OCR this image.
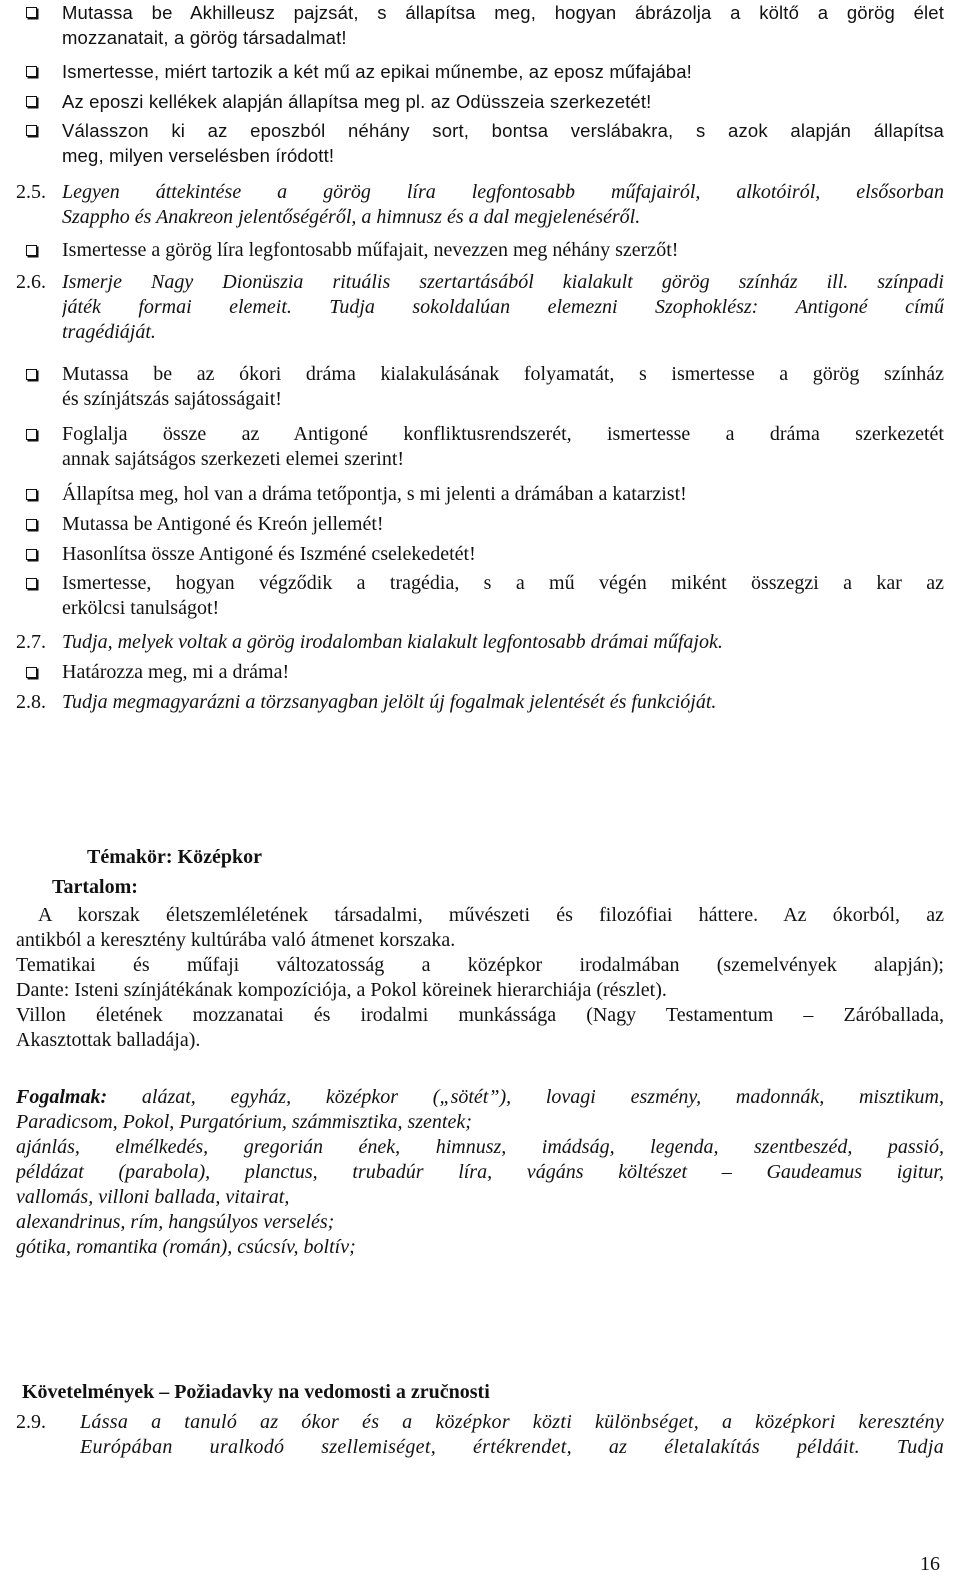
Mutassa be Akhilleusz pajzsát, s állapítsa meg, hogyan ábrázolja a költő a görög élet
mozzanatait, a görög társadalmat!
Ismertesse, miért tartozik a két mű az epikai műnembe, az eposz műfajába!
Az eposzi kellékek alapján állapítsa meg pl. az Odüsszeia szerkezetét!
Válasszon ki az eposzból néhány sort, bontsa verslábakra, s azok alapján állapítsa
meg, milyen verselésben íródott!
2.5. Legyen áttekintése a görög líra legfontosabb műfajairól, alkotóiról, elsősorban
Szappho és Anakreon jelentőségéről, a himnusz és a dal megjelenéséről.
Ismertesse a görög líra legfontosabb műfajait, nevezzen meg néhány szerzőt!
2.6. Ismerje Nagy Dionüszia rituális szertartásából kialakult görög színház ill. színpadi
játék formai elemeit. Tudja sokoldalúan elemezni Szophoklész: Antigoné című
tragédiáját.
Mutassa be az ókori dráma kialakulásának folyamatát, s ismertesse a görög színház
és színjátszás sajátosságait!
Foglalja össze az Antigoné konfliktusrendszerét, ismertesse a dráma szerkezetét
annak sajátságos szerkezeti elemei szerint!
Állapítsa meg, hol van a dráma tetőpontja, s mi jelenti a drámában a katarzist!
Mutassa be Antigoné és Kreón jellemét!
Hasonlítsa össze Antigoné és Iszméné cselekedetét!
Ismertesse, hogyan végződik a tragédia, s a mű végén miként összegzi a kar az
erkölcsi tanulságot!
2.7. Tudja, melyek voltak a görög irodalomban kialakult legfontosabb drámai műfajok.
Határozza meg, mi a dráma!
2.8. Tudja megmagyarázni a törzsanyagban jelölt új fogalmak jelentését és funkcióját.
Témakör: Középkor
Tartalom:
A korszak életszemléletének társadalmi, művészeti és filozófiai háttere. Az ókorból, az
antikból a keresztény kultúrába való átmenet korszaka.
Tematikai és műfaji változatosság a középkor irodalmában (szemelvények alapján);
Dante: Isteni színjátékának kompozíciója, a Pokol köreinek hierarchiája (részlet).
Villon életének mozzanatai és irodalmi munkássága (Nagy Testamentum – Záróballada,
Akasztottak balladája).
Fogalmak: alázat, egyház, középkor („sötét”), lovagi eszmény, madonnák, misztikum,
Paradicsom, Pokol, Purgatórium, számmisztika, szentek;
ajánlás, elmélkedés, gregorián ének, himnusz, imádság, legenda, szentbeszéd, passió,
példázat (parabola), planctus, trubadúr líra, vágáns költészet – Gaudeamus igitur,
vallomás, villoni ballada, vitairat,
alexandrinus, rím, hangsúlyos verselés;
gótika, romantika (román), csúcsív, boltív;
Követelmények – Požiadavky na vedomosti a zručnosti
2.9.	Lássa a tanuló az ókor és a középkor közti különbséget, a középkori keresztény
Európában uralkodó szellemiséget, értékrendet, az életalakítás példáit. Tudja
16
